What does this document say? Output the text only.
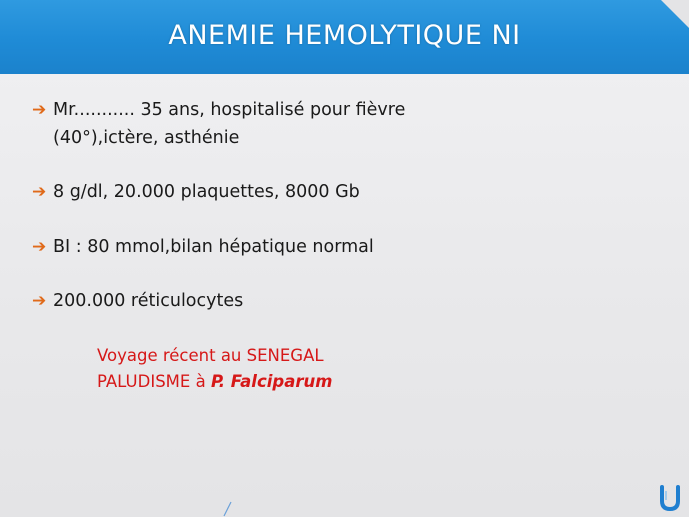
ANEMIE HEMOLYTIQUE NI
➔ Mr........... 35 ans, hospitalisé pour fièvre
(40°),ictère, asthénie
➔ 8 g/dl, 20.000 plaquettes, 8000 Gb
➔ BI : 80 mmol,bilan hépatique normal
➔ 200.000 réticulocytes
Voyage récent au SENEGAL
PALUDISME à P. Falciparum
